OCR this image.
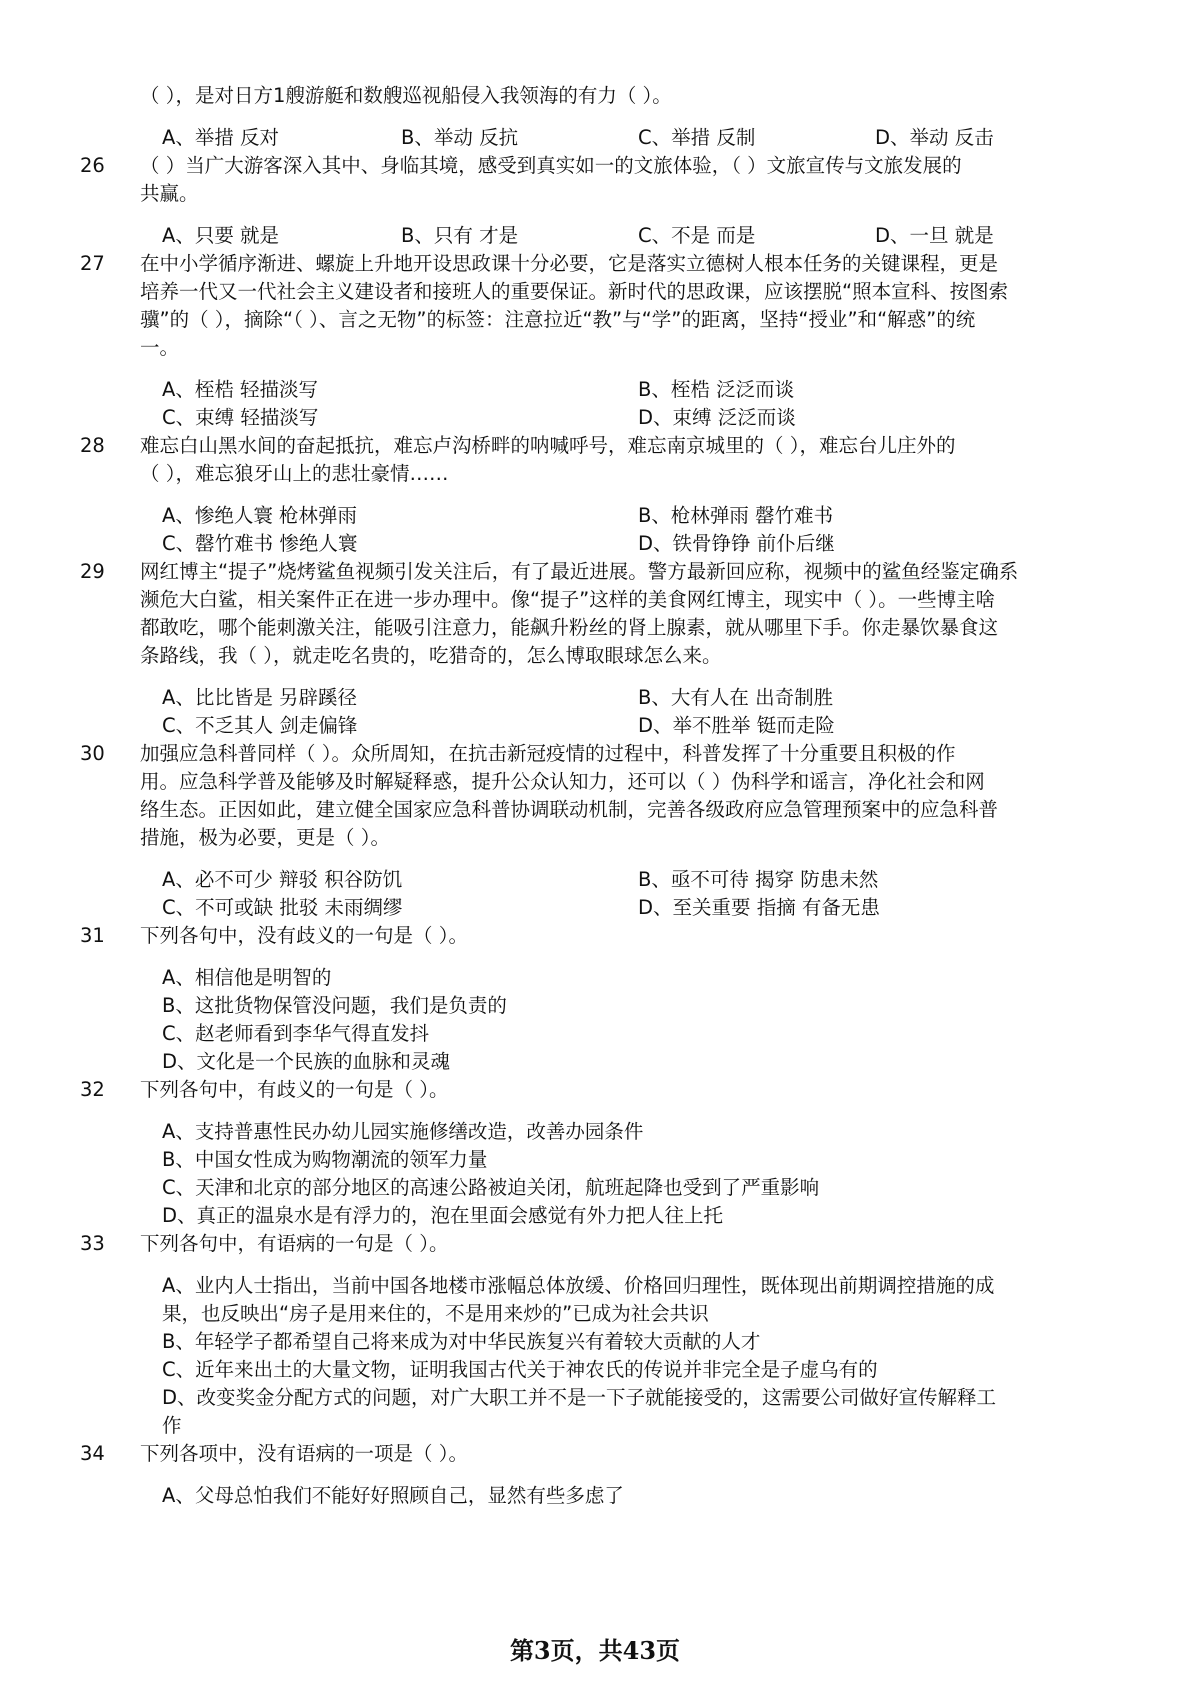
（ ），是对日方1艘游艇和数艘巡视船侵入我领海的有力（ ）。
A、举措 反对	B、举动 反抗	C、举措 反制	D、举动 反击
26 （ ）当广大游客深入其中、身临其境，感受到真实如一的文旅体验，（ ）文旅宣传与文旅发展的
共赢。
A、只要 就是	B、只有 才是	C、不是 而是	D、一旦 就是
27 在中小学循序渐进、螺旋上升地开设思政课十分必要，它是落实立德树人根本任务的关键课程，更是
培养一代又一代社会主义建设者和接班人的重要保证。新时代的思政课，应该摆脱“照本宣科、按图索
骥”的（ ），摘除“（ ）、言之无物”的标签：注意拉近“教”与“学”的距离，坚持“授业”和“解惑”的统
一。
A、桎梏 轻描淡写	B、桎梏 泛泛而谈
C、束缚 轻描淡写	D、束缚 泛泛而谈
28 难忘白山黑水间的奋起抵抗，难忘卢沟桥畔的呐喊呼号，难忘南京城里的（ ），难忘台儿庄外的
（ ），难忘狼牙山上的悲壮豪情……
A、惨绝人寰 枪林弹雨	B、枪林弹雨 罄竹难书
C、罄竹难书 惨绝人寰	D、铁骨铮铮 前仆后继
29 网红博主“提子”烧烤鲨鱼视频引发关注后，有了最近进展。警方最新回应称，视频中的鲨鱼经鉴定确系
濒危大白鲨，相关案件正在进一步办理中。像“提子”这样的美食网红博主，现实中（ ）。一些博主啥
都敢吃，哪个能刺激关注，能吸引注意力，能飙升粉丝的肾上腺素，就从哪里下手。你走暴饮暴食这
条路线，我（ ），就走吃名贵的，吃猎奇的，怎么博取眼球怎么来。
A、比比皆是 另辟蹊径	B、大有人在 出奇制胜
C、不乏其人 剑走偏锋	D、举不胜举 铤而走险
30 加强应急科普同样（ ）。众所周知，在抗击新冠疫情的过程中，科普发挥了十分重要且积极的作
用。应急科学普及能够及时解疑释惑，提升公众认知力，还可以（ ）伪科学和谣言，净化社会和网
络生态。正因如此，建立健全国家应急科普协调联动机制，完善各级政府应急管理预案中的应急科普
措施，极为必要，更是（ ）。
A、必不可少 辩驳 积谷防饥	B、亟不可待 揭穿 防患未然
C、不可或缺 批驳 未雨绸缪	D、至关重要 指摘 有备无患
31 下列各句中，没有歧义的一句是（ ）。
A、相信他是明智的
B、这批货物保管没问题，我们是负责的
C、赵老师看到李华气得直发抖
D、文化是一个民族的血脉和灵魂
32 下列各句中，有歧义的一句是（ ）。
A、支持普惠性民办幼儿园实施修缮改造，改善办园条件
B、中国女性成为购物潮流的领军力量
C、天津和北京的部分地区的高速公路被迫关闭，航班起降也受到了严重影响
D、真正的温泉水是有浮力的，泡在里面会感觉有外力把人往上托
33 下列各句中，有语病的一句是（ ）。
A、业内人士指出，当前中国各地楼市涨幅总体放缓、价格回归理性，既体现出前期调控措施的成
果，也反映出“房子是用来住的，不是用来炒的”已成为社会共识
B、年轻学子都希望自己将来成为对中华民族复兴有着较大贡献的人才
C、近年来出土的大量文物，证明我国古代关于神农氏的传说并非完全是子虚乌有的
D、改变奖金分配方式的问题，对广大职工并不是一下子就能接受的，这需要公司做好宣传解释工
作
34 下列各项中，没有语病的一项是（ ）。
A、父母总怕我们不能好好照顾自己，显然有些多虑了
第3页，共43页
